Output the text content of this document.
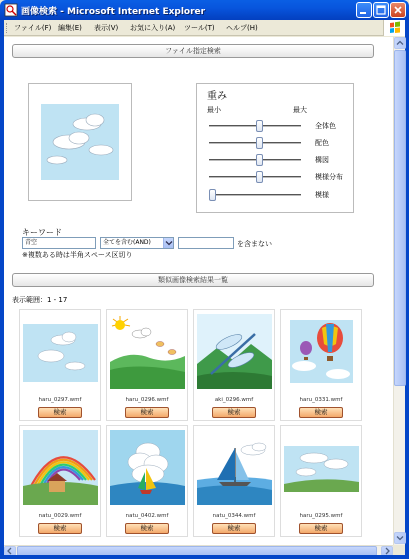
画像検索 - Microsoft Internet Explorer
ファイル(F) 編集(E) 表示(V) お気に入り(A) ツール(T) ヘルプ(H)
ファイル指定検索
重み
最小	最大
全体色
配色
構図
模様分布
模様
キーワード
青空	全てを含む(AND)	を含まない
※複数ある時は半角スペース区切り
類似画像検索結果一覧
表示範囲：1 - 17
haru_0297.wmf
検索
haru_0296.wmf
検索
aki_0296.wmf
検索
haru_0331.wmf
検索
natu_0029.wmf
検索
natu_0402.wmf
検索
natu_0344.wmf
検索
haru_0295.wmf
検索
